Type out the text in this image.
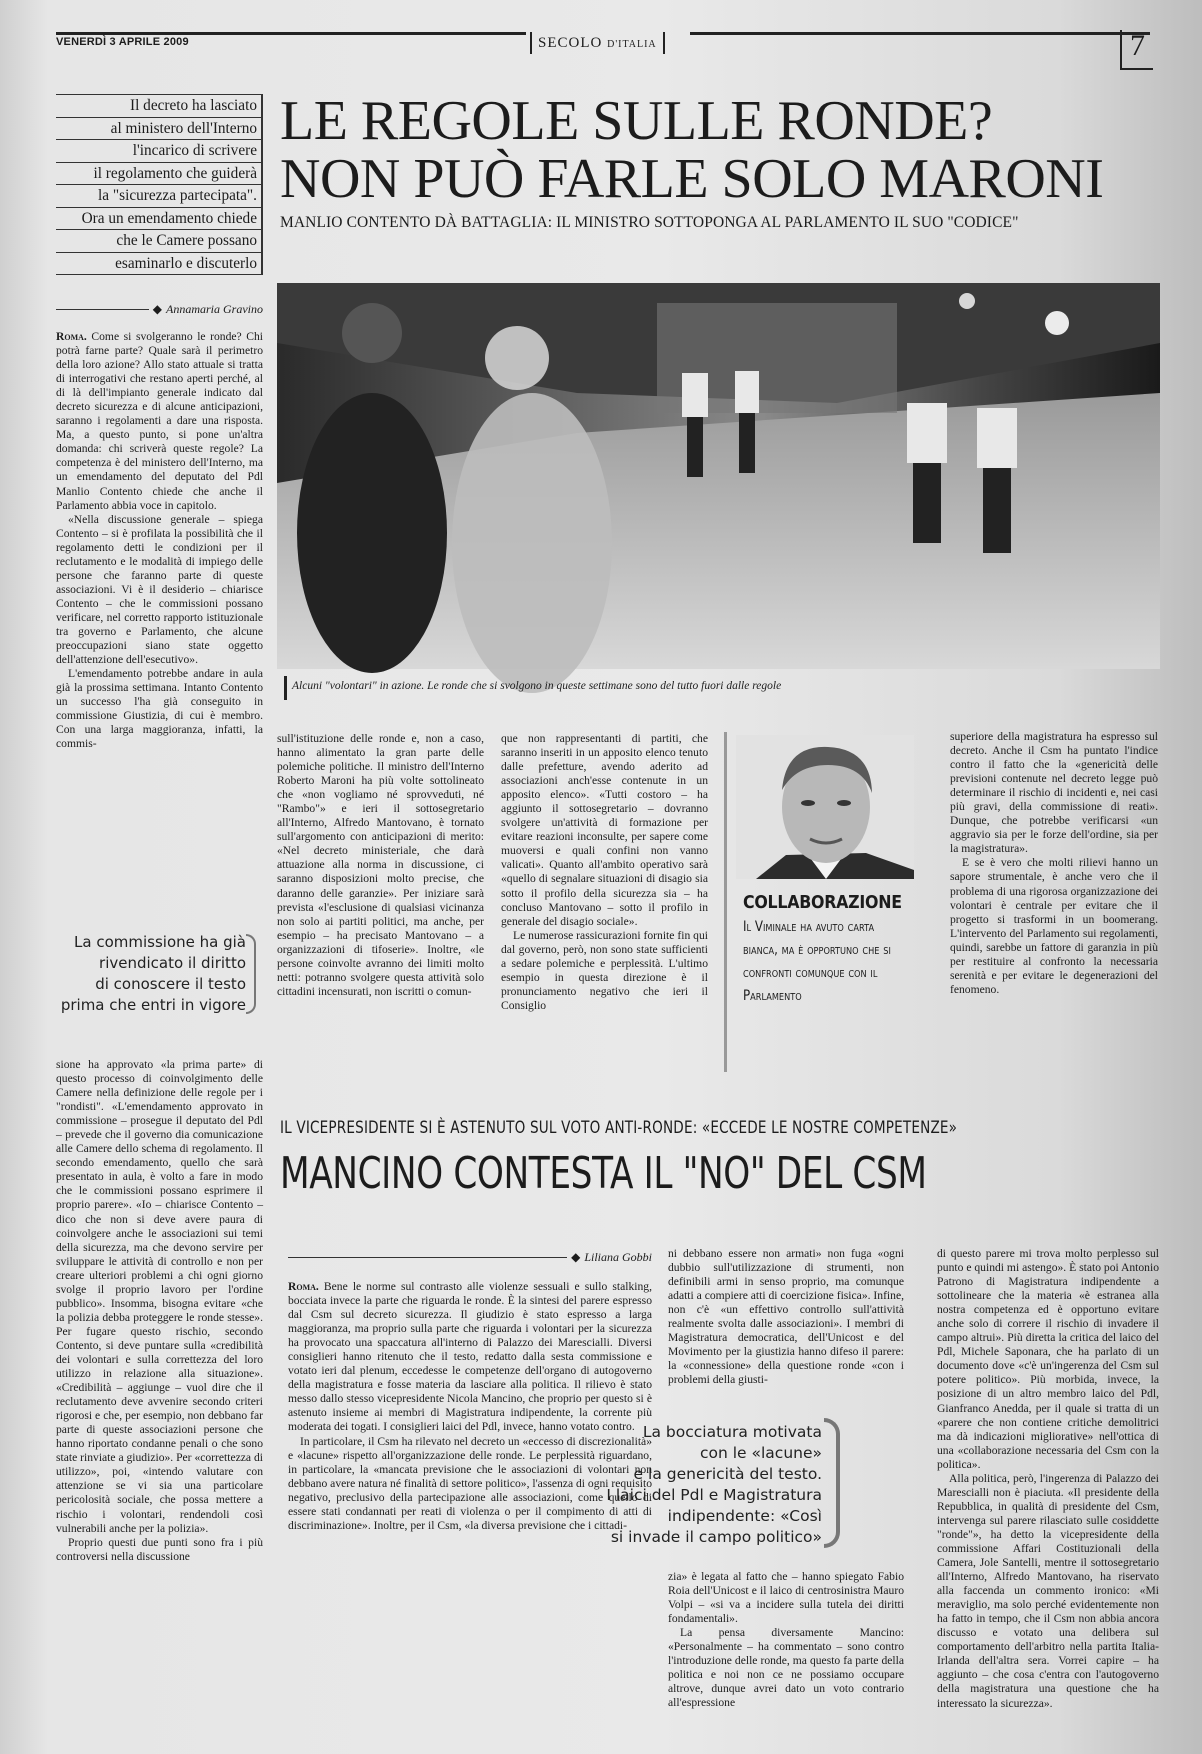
VENERDÌ 3 APRILE 2009	SECOLO D'ITALIA	7
Il decreto ha lasciato
al ministero dell'Interno
l'incarico di scrivere
il regolamento che guiderà
la "sicurezza partecipata".
Ora un emendamento chiede
che le Camere possano
esaminarlo e discuterlo
LE REGOLE SULLE RONDE?
NON PUÒ FARLE SOLO MARONI
MANLIO CONTENTO DÀ BATTAGLIA: IL MINISTRO SOTTOPONGA AL PARLAMENTO IL SUO "CODICE"
Alcuni "volontari" in azione. Le ronde che si svolgono in queste settimane sono del tutto fuori dalle regole
◆ Annamaria Gravino

Roma. Come si svolgeranno le ronde? Chi potrà farne parte? Quale sarà il perimetro della loro azione? Allo stato attuale si tratta di interrogativi che restano aperti perché, al di là dell'impianto generale indicato dal decreto sicurezza e di alcune anticipazioni, saranno i regolamenti a dare una risposta. Ma, a questo punto, si pone un'altra domanda: chi scriverà queste regole? La competenza è del ministero dell'Interno, ma un emendamento del deputato del Pdl Manlio Contento chiede che anche il Parlamento abbia voce in capitolo.

«Nella discussione generale – spiega Contento – si è profilata la possibilità che il regolamento detti le condizioni per il reclutamento e le modalità di impiego delle persone che faranno parte di queste associazioni. Vi è il desiderio – chiarisce Contento – che le commissioni possano verificare, nel corretto rapporto istituzionale tra governo e Parlamento, che alcune preoccupazioni siano state oggetto dell'attenzione dell'esecutivo».

L'emendamento potrebbe andare in aula già la prossima settimana. Intanto Contento un successo l'ha già conseguito in commissione Giustizia, di cui è membro. Con una larga maggioranza, infatti, la commis-

La commissione ha già
rivendicato il diritto
di conoscere il testo
prima che entri in vigore

sione ha approvato «la prima parte» di questo processo di coinvolgimento delle Camere nella definizione delle regole per i "rondisti". «L'emendamento approvato in commissione – prosegue il deputato del Pdl – prevede che il governo dia comunicazione alle Camere dello schema di regolamento. Il secondo emendamento, quello che sarà presentato in aula, è volto a fare in modo che le commissioni possano esprimere il proprio parere». «Io – chiarisce Contento – dico che non si deve avere paura di coinvolgere anche le associazioni sui temi della sicurezza, ma che devono servire per sviluppare le attività di controllo e non per creare ulteriori problemi a chi ogni giorno svolge il proprio lavoro per l'ordine pubblico». Insomma, bisogna evitare «che la polizia debba proteggere le ronde stesse». Per fugare questo rischio, secondo Contento, si deve puntare sulla «credibilità dei volontari e sulla correttezza del loro utilizzo in relazione alla situazione». «Credibilità – aggiunge – vuol dire che il reclutamento deve avvenire secondo criteri rigorosi e che, per esempio, non debbano far parte di queste associazioni persone che hanno riportato condanne penali o che sono state rinviate a giudizio». Per «correttezza di utilizzo», poi, «intendo valutare con attenzione se vi sia una particolare pericolosità sociale, che possa mettere a rischio i volontari, rendendoli così vulnerabili anche per la polizia».

Proprio questi due punti sono fra i più controversi nella discussione

sull'istituzione delle ronde e, non a caso, hanno alimentato la gran parte delle polemiche politiche. Il ministro dell'Interno Roberto Maroni ha più volte sottolineato che «non vogliamo né sprovveduti, né "Rambo"» e ieri il sottosegretario all'Interno, Alfredo Mantovano, è tornato sull'argomento con anticipazioni di merito: «Nel decreto ministeriale, che darà attuazione alla norma in discussione, ci saranno disposizioni molto precise, che daranno delle garanzie». Per iniziare sarà prevista «l'esclusione di qualsiasi vicinanza non solo ai partiti politici, ma anche, per esempio – ha precisato Mantovano – a organizzazioni di tifoserie». Inoltre, «le persone coinvolte avranno dei limiti molto netti: potranno svolgere questa attività solo cittadini incensurati, non iscritti o comun-

que non rappresentanti di partiti, che saranno inseriti in un apposito elenco tenuto dalle prefetture, avendo aderito ad associazioni anch'esse contenute in un apposito elenco». «Tutti costoro – ha aggiunto il sottosegretario – dovranno svolgere un'attività di formazione per evitare reazioni inconsulte, per sapere come muoversi e quali confini non vanno valicati». Quanto all'ambito operativo sarà «quello di segnalare situazioni di disagio sia sotto il profilo della sicurezza sia – ha concluso Mantovano – sotto il profilo in generale del disagio sociale».

Le numerose rassicurazioni fornite fin qui dal governo, però, non sono state sufficienti a sedare polemiche e perplessità. L'ultimo esempio in questa direzione è il pronunciamento negativo che ieri il Consiglio

COLLABORAZIONE
Il Viminale ha avuto carta bianca, ma è opportuno che si confronti comunque con il Parlamento

superiore della magistratura ha espresso sul decreto. Anche il Csm ha puntato l'indice contro il fatto che la «genericità delle previsioni contenute nel decreto legge può determinare il rischio di incidenti e, nei casi più gravi, della commissione di reati». Dunque, che potrebbe verificarsi «un aggravio sia per le forze dell'ordine, sia per la magistratura».

E se è vero che molti rilievi hanno un sapore strumentale, è anche vero che il problema di una rigorosa organizzazione dei volontari è centrale per evitare che il progetto si trasformi in un boomerang. L'intervento del Parlamento sui regolamenti, quindi, sarebbe un fattore di garanzia in più per restituire al confronto la necessaria serenità e per evitare le degenerazioni del fenomeno.

IL VICEPRESIDENTE SI È ASTENUTO SUL VOTO ANTI-RONDE: «ECCEDE LE NOSTRE COMPETENZE»
MANCINO CONTESTA IL "NO" DEL CSM
◆ Liliana Gobbi

Roma. Bene le norme sul contrasto alle violenze sessuali e sullo stalking, bocciata invece la parte che riguarda le ronde. È la sintesi del parere espresso dal Csm sul decreto sicurezza. Il giudizio è stato espresso a larga maggioranza, ma proprio sulla parte che riguarda i volontari per la sicurezza ha provocato una spaccatura all'interno di Palazzo dei Marescialli. Diversi consiglieri hanno ritenuto che il testo, redatto dalla sesta commissione e votato ieri dal plenum, eccedesse le competenze dell'organo di autogoverno della magistratura e fosse materia da lasciare alla politica. Il rilievo è stato messo dallo stesso vicepresidente Nicola Mancino, che proprio per questo si è astenuto insieme ai membri di Magistratura indipendente, la corrente più moderata dei togati. I consiglieri laici del Pdl, invece, hanno votato contro.

In particolare, il Csm ha rilevato nel decreto un «eccesso di discrezionalità» e «lacune» rispetto all'organizzazione delle ronde. Le perplessità riguardano, in particolare, la «mancata previsione che le associazioni di volontari non debbano avere natura né finalità di settore politico», l'assenza di ogni requisito negativo, preclusivo della partecipazione alle associazioni, come quello di essere stati condannati per reati di violenza o per il compimento di atti di discriminazione». Inoltre, per il Csm, «la diversa previsione che i cittadi-

ni debbano essere non armati» non fuga «ogni dubbio sull'utilizzazione di strumenti, non definibili armi in senso proprio, ma comunque adatti a compiere atti di coercizione fisica». Infine, non c'è «un effettivo controllo sull'attività realmente svolta dalle associazioni». I membri di Magistratura democratica, dell'Unicost e del Movimento per la giustizia hanno difeso il parere: la «connessione» della questione ronde «con i problemi della giusti-

La bocciatura motivata
con le «lacune»
e la genericità del testo.
I laici del Pdl e Magistratura
indipendente: «Così
si invade il campo politico»

zia» è legata al fatto che – hanno spiegato Fabio Roia dell'Unicost e il laico di centrosinistra Mauro Volpi – «si va a incidere sulla tutela dei diritti fondamentali».

La pensa diversamente Mancino: «Personalmente – ha commentato – sono contro l'introduzione delle ronde, ma questo fa parte della politica e noi non ce ne possiamo occupare altrove, dunque avrei dato un voto contrario all'espressione

di questo parere mi trova molto perplesso sul punto e quindi mi astengo». È stato poi Antonio Patrono di Magistratura indipendente a sottolineare che la materia «è estranea alla nostra competenza ed è opportuno evitare anche solo di correre il rischio di invadere il campo altrui». Più diretta la critica del laico del Pdl, Michele Saponara, che ha parlato di un documento dove «c'è un'ingerenza del Csm sul potere politico». Più morbida, invece, la posizione di un altro membro laico del Pdl, Gianfranco Anedda, per il quale si tratta di un «parere che non contiene critiche demolitrici ma dà indicazioni migliorative» nell'ottica di una «collaborazione necessaria del Csm con la politica».

Alla politica, però, l'ingerenza di Palazzo dei Marescialli non è piaciuta. «Il presidente della Repubblica, in qualità di presidente del Csm, intervenga sul parere rilasciato sulle cosiddette "ronde"», ha detto la vicepresidente della commissione Affari Costituzionali della Camera, Jole Santelli, mentre il sottosegretario all'Interno, Alfredo Mantovano, ha riservato alla faccenda un commento ironico: «Mi meraviglio, ma solo perché evidentemente non ha fatto in tempo, che il Csm non abbia ancora discusso e votato una delibera sul comportamento dell'arbitro nella partita Italia-Irlanda dell'altra sera. Vorrei capire – ha aggiunto – che cosa c'entra con l'autogoverno della magistratura una questione che ha interessato la sicurezza».
